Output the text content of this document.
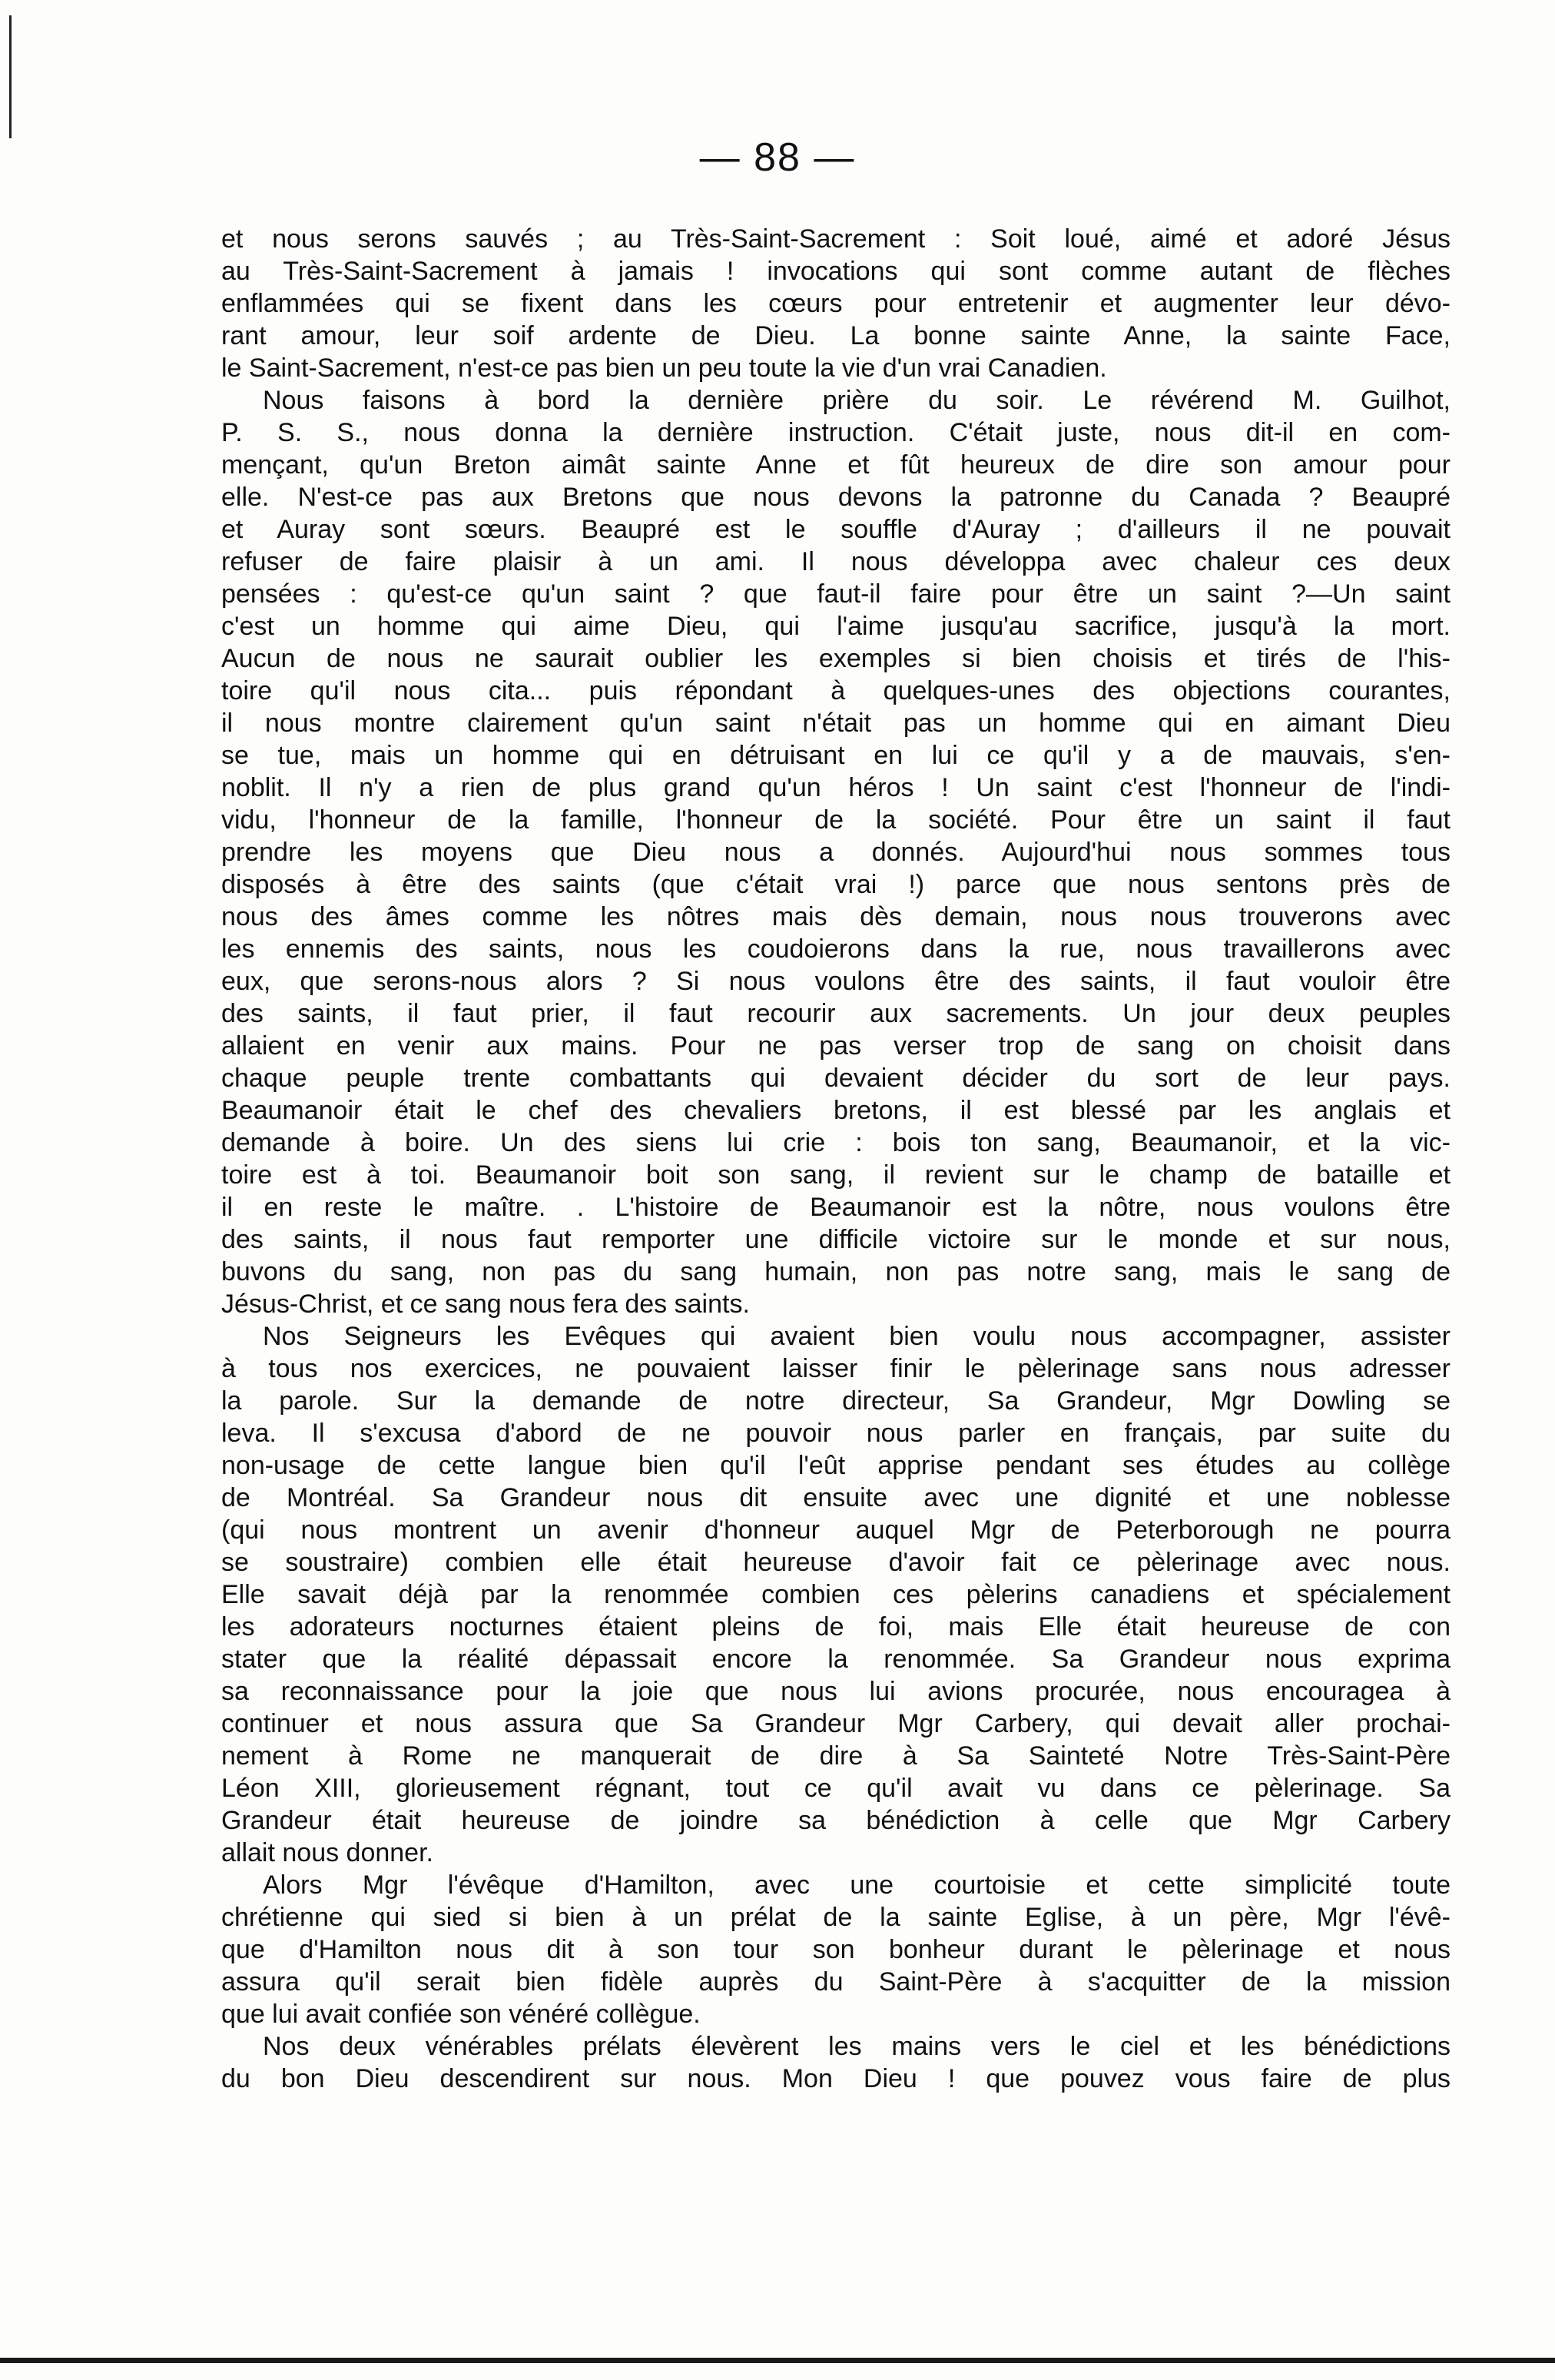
— 88 —
et nous serons sauvés ; au Très-Saint-Sacrement : Soit loué, aimé et adoré Jésus
au Très-Saint-Sacrement à jamais ! invocations qui sont comme autant de flèches
enflammées qui se fixent dans les cœurs pour entretenir et augmenter leur dévo-
rant amour, leur soif ardente de Dieu. La bonne sainte Anne, la sainte Face,
le Saint-Sacrement, n'est-ce pas bien un peu toute la vie d'un vrai Canadien.
Nous faisons à bord la dernière prière du soir. Le révérend M. Guilhot,
P. S. S., nous donna la dernière instruction. C'était juste, nous dit-il en com-
mençant, qu'un Breton aimât sainte Anne et fût heureux de dire son amour pour
elle. N'est-ce pas aux Bretons que nous devons la patronne du Canada ? Beaupré
et Auray sont sœurs. Beaupré est le souffle d'Auray ; d'ailleurs il ne pouvait
refuser de faire plaisir à un ami. Il nous développa avec chaleur ces deux
pensées : qu'est-ce qu'un saint ? que faut-il faire pour être un saint ?—Un saint
c'est un homme qui aime Dieu, qui l'aime jusqu'au sacrifice, jusqu'à la mort.
Aucun de nous ne saurait oublier les exemples si bien choisis et tirés de l'his-
toire qu'il nous cita... puis répondant à quelques-unes des objections courantes,
il nous montre clairement qu'un saint n'était pas un homme qui en aimant Dieu
se tue, mais un homme qui en détruisant en lui ce qu'il y a de mauvais, s'en-
noblit. Il n'y a rien de plus grand qu'un héros ! Un saint c'est l'honneur de l'indi-
vidu, l'honneur de la famille, l'honneur de la société. Pour être un saint il faut
prendre les moyens que Dieu nous a donnés. Aujourd'hui nous sommes tous
disposés à être des saints (que c'était vrai !) parce que nous sentons près de
nous des âmes comme les nôtres mais dès demain, nous nous trouverons avec
les ennemis des saints, nous les coudoierons dans la rue, nous travaillerons avec
eux, que serons-nous alors ? Si nous voulons être des saints, il faut vouloir être
des saints, il faut prier, il faut recourir aux sacrements. Un jour deux peuples
allaient en venir aux mains. Pour ne pas verser trop de sang on choisit dans
chaque peuple trente combattants qui devaient décider du sort de leur pays.
Beaumanoir était le chef des chevaliers bretons, il est blessé par les anglais et
demande à boire. Un des siens lui crie : bois ton sang, Beaumanoir, et la vic-
toire est à toi. Beaumanoir boit son sang, il revient sur le champ de bataille et
il en reste le maître. . L'histoire de Beaumanoir est la nôtre, nous voulons être
des saints, il nous faut remporter une difficile victoire sur le monde et sur nous,
buvons du sang, non pas du sang humain, non pas notre sang, mais le sang de
Jésus-Christ, et ce sang nous fera des saints.
Nos Seigneurs les Evêques qui avaient bien voulu nous accompagner, assister
à tous nos exercices, ne pouvaient laisser finir le pèlerinage sans nous adresser
la parole. Sur la demande de notre directeur, Sa Grandeur, Mgr Dowling se
leva. Il s'excusa d'abord de ne pouvoir nous parler en français, par suite du
non-usage de cette langue bien qu'il l'eût apprise pendant ses études au collège
de Montréal. Sa Grandeur nous dit ensuite avec une dignité et une noblesse
(qui nous montrent un avenir d'honneur auquel Mgr de Peterborough ne pourra
se soustraire) combien elle était heureuse d'avoir fait ce pèlerinage avec nous.
Elle savait déjà par la renommée combien ces pèlerins canadiens et spécialement
les adorateurs nocturnes étaient pleins de foi, mais Elle était heureuse de con
stater que la réalité dépassait encore la renommée. Sa Grandeur nous exprima
sa reconnaissance pour la joie que nous lui avions procurée, nous encouragea à
continuer et nous assura que Sa Grandeur Mgr Carbery, qui devait aller prochai-
nement à Rome ne manquerait de dire à Sa Sainteté Notre Très-Saint-Père
Léon XIII, glorieusement régnant, tout ce qu'il avait vu dans ce pèlerinage. Sa
Grandeur était heureuse de joindre sa bénédiction à celle que Mgr Carbery
allait nous donner.
Alors Mgr l'évêque d'Hamilton, avec une courtoisie et cette simplicité toute
chrétienne qui sied si bien à un prélat de la sainte Eglise, à un père, Mgr l'évê-
que d'Hamilton nous dit à son tour son bonheur durant le pèlerinage et nous
assura qu'il serait bien fidèle auprès du Saint-Père à s'acquitter de la mission
que lui avait confiée son vénéré collègue.
Nos deux vénérables prélats élevèrent les mains vers le ciel et les bénédictions
du bon Dieu descendirent sur nous. Mon Dieu ! que pouvez vous faire de plus
